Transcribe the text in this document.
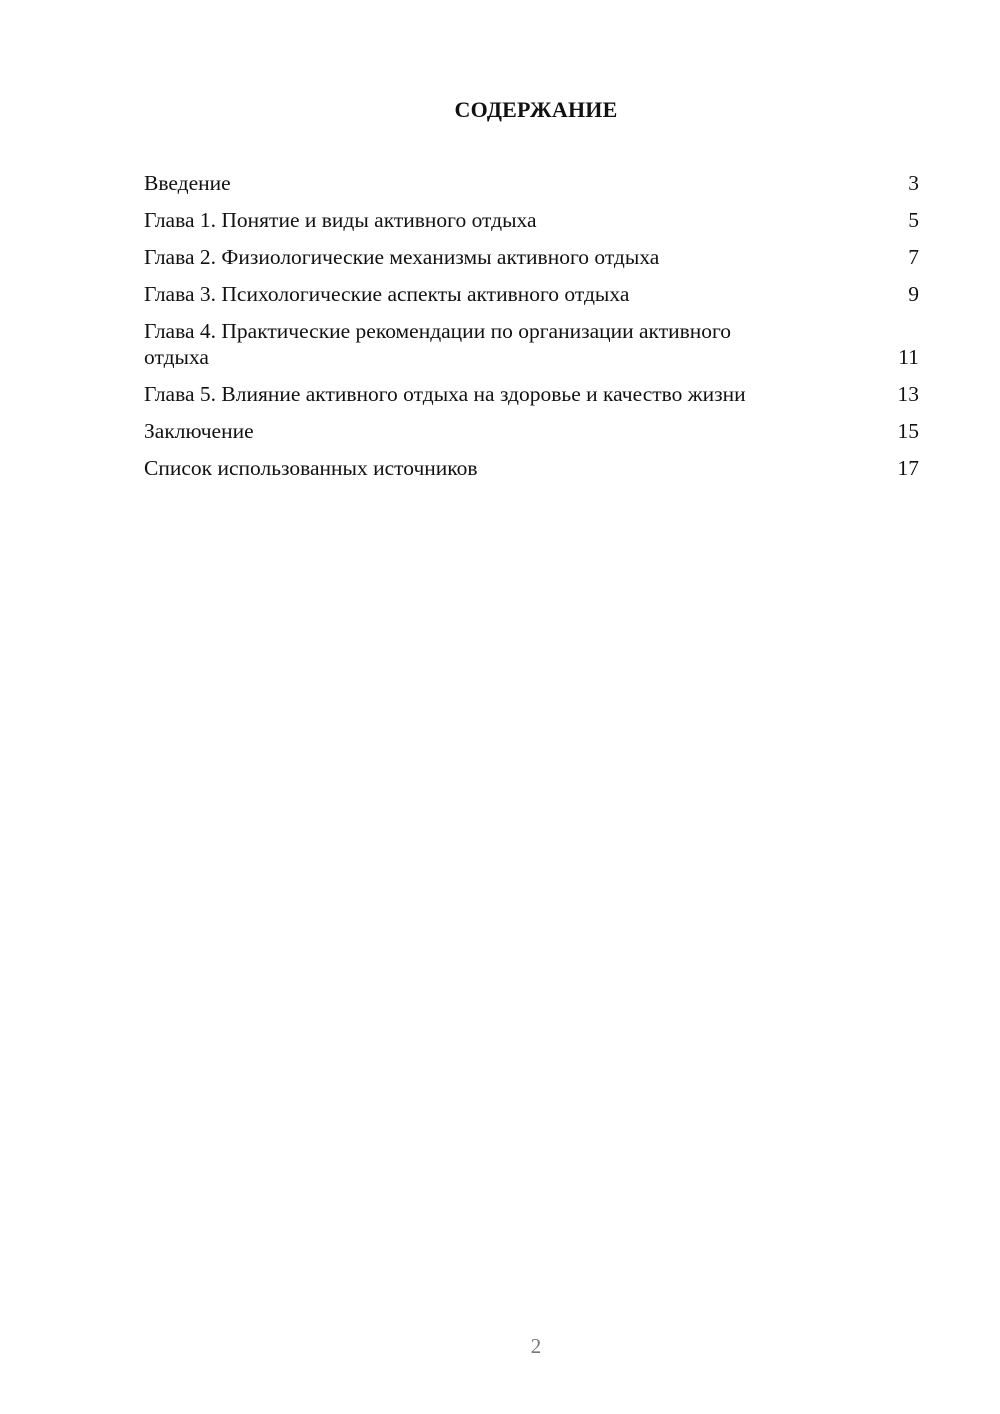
СОДЕРЖАНИЕ
Введение	3
Глава 1. Понятие и виды активного отдыха	5
Глава 2. Физиологические механизмы активного отдыха	7
Глава 3. Психологические аспекты активного отдыха	9
Глава 4. Практические рекомендации по организации активного отдыха	11
Глава 5. Влияние активного отдыха на здоровье и качество жизни	13
Заключение	15
Список использованных источников	17
2
